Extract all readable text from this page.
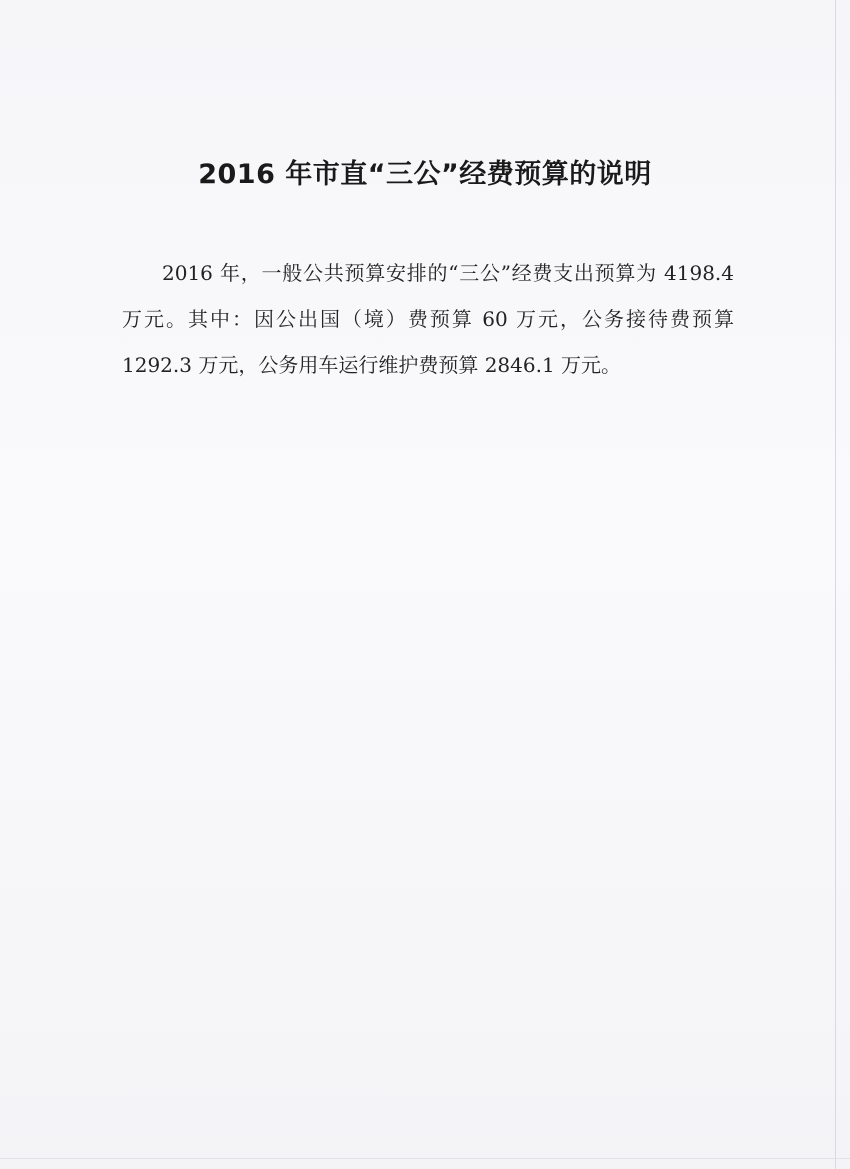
2016 年市直“三公”经费预算的说明

2016 年，一般公共预算安排的“三公”经费支出预算为 4198.4 万元。其中：因公出国（境）费预算 60 万元，公务接待费预算 1292.3 万元，公务用车运行维护费预算 2846.1 万元。
